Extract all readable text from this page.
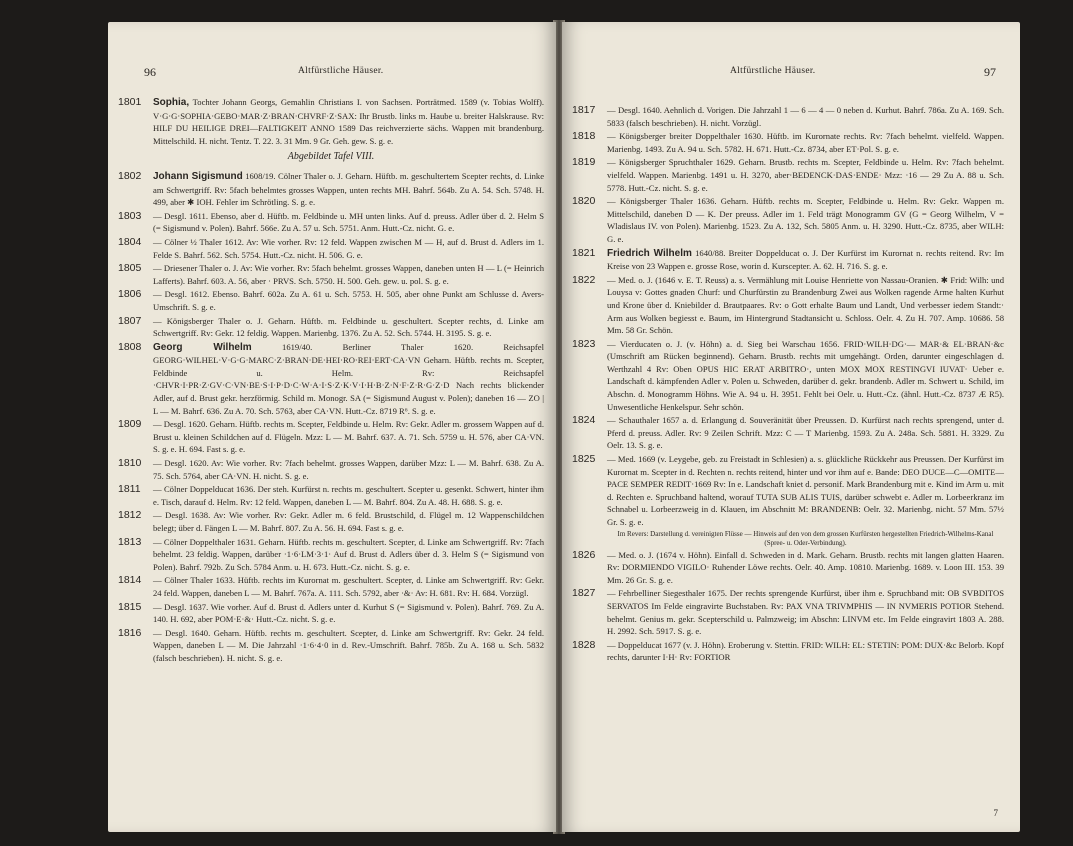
96	Altfürstliche Häuser.
1801 Sophia, Tochter Johann Georgs, Gemahlin Christians I. von Sachsen. Porträtmed. 1589 (v. Tobias Wolff). V·G·G·SOPHIA·GEBO·MAR·Z·BRAN·CHVRF·Z·SAX: Ihr Brustb. links m. Haube u. breiter Halskrause. Rv: HILF DU HEILIGE DREI—FALTIGKEIT ANNO 1589 Das reichverzierte sächs. Wappen mit brandenburg. Mittelschild. H. nicht. Tentz. T. 22. 3. 31 Mm. 9 Gr. Geh. gew. S. g. e.
Abgebildet Tafel VIII.
1802 Johann Sigismund 1608/19. Cölner Thaler o. J. Geharn. Hüftb. m. geschultertem Scepter rechts, d. Linke am Schwertgriff. Rv: 5fach behelmtes grosses Wappen, unten rechts MH. Bahrf. 564b. Zu A. 54. Sch. 5748. H. 499, aber ✱ IOH. Fehler im Schrötling. S. g. e.
1803 — Desgl. 1611. Ebenso, aber d. Hüftb. m. Feldbinde u. MH unten links. Auf d. preuss. Adler über d. 2. Helm S (= Sigismund v. Polen). Bahrf. 566e. Zu A. 57 u. Sch. 5751. Anm. Hutt.-Cz. nicht. G. e.
1804 — Cölner ½ Thaler 1612. Av: Wie vorher. Rv: 12 feld. Wappen zwischen M — H, auf d. Brust d. Adlers im 1. Felde S. Bahrf. 562. Sch. 5754. Hutt.-Cz. nicht. H. 506. G. e.
1805 — Driesener Thaler o. J. Av: Wie vorher. Rv: 5fach behelmt. grosses Wappen, daneben unten H — L (= Heinrich Lafferts). Bahrf. 603. A. 56, aber · PRVS. Sch. 5750. H. 500. Geh. gew. u. pol. S. g. e.
1806 — Desgl. 1612. Ebenso. Bahrf. 602a. Zu A. 61 u. Sch. 5753. H. 505, aber ohne Punkt am Schlusse d. Avers-Umschrift. S. g. e.
1807 — Königsberger Thaler o. J. Geharn. Hüftb. m. Feldbinde u. geschultert. Scepter rechts, d. Linke am Schwertgriff. Rv: Gekr. 12 feldig. Wappen. Marienbg. 1376. Zu A. 52. Sch. 5744. H. 3195. S. g. e.
1808 Georg Wilhelm	1619/40. Berliner Thaler 1620. Reichsapfel GEORG·WILHEL·V·G·G·MARC·Z·BRAN·DE·HEI·RO·REI·ERT·CA·VN Geharn. Hüftb. rechts m. Scepter, Feldbinde u. Helm. Rv: Reichsapfel ·CHVR·I·PR·Z·GV·C·VN·BE·S·I·P·D·C·W·A·I·S·Z·K·V·I·H·B·Z·N·F·Z·R·G·Z·D Nach rechts blickender Adler, auf d. Brust gekr. herzförmig. Schild m. Monogr. SA (= Sigismund August v. Polen); daneben 16 — ZO | L — M. Bahrf. 636. Zu A. 70. Sch. 5763, aber CA·VN. Hutt.-Cz. 8719 R⁶. S. g. e.
1809 — Desgl. 1620. Geharn. Hüftb. rechts m. Scepter, Feldbinde u. Helm. Rv: Gekr. Adler m. grossem Wappen auf d. Brust u. kleinen Schildchen auf d. Flügeln. Mzz: L — M. Bahrf. 637. A. 71. Sch. 5759 u. H. 576, aber CA·VN. S. g. e. H. 694. Fast s. g. e.
1810 — Desgl. 1620. Av: Wie vorher. Rv: 7fach behelmt. grosses Wappen, darüber Mzz: L — M. Bahrf. 638. Zu A. 75. Sch. 5764, aber CA·VN. H. nicht. S. g. e.
1811 — Cölner Doppelducat 1636. Der steh. Kurfürst n. rechts m. geschultert. Scepter u. gesenkt. Schwert, hinter ihm e. Tisch, darauf d. Helm. Rv: 12 feld. Wappen, daneben L — M. Bahrf. 804. Zu A. 48. H. 688. S. g. e.
1812 — Desgl. 1638. Av: Wie vorher. Rv: Gekr. Adler m. 6 feld. Brustschild, d. Flügel m. 12 Wappenschildchen belegt; über d. Fängen L — M. Bahrf. 807. Zu A. 56. H. 694. Fast s. g. e.
1813 — Cölner Doppelthaler 1631. Geharn. Hüftb. rechts m. geschultert. Scepter, d. Linke am Schwertgriff. Rv: 7fach behelmt. 23 feldig. Wappen, darüber ·1·6·LM·3·1· Auf d. Brust d. Adlers über d. 3. Helm S (= Sigismund von Polen). Bahrf. 792b. Zu Sch. 5784 Anm. u. H. 673. Hutt.-Cz. nicht. S. g. e.
1814 — Cölner Thaler 1633. Hüftb. rechts im Kurornat m. geschultert. Scepter, d. Linke am Schwertgriff. Rv: Gekr. 24 feld. Wappen, daneben L — M. Bahrf. 767a. A. 111. Sch. 5792, aber ·&· Av: H. 681. Rv: H. 684. Vorzügl.
1815 — Desgl. 1637. Wie vorher. Auf d. Brust d. Adlers unter d. Kurhut S (= Sigismund v. Polen). Bahrf. 769. Zu A. 140. H. 692, aber POM·E·&· Hutt.-Cz. nicht. S. g. e.
1816 — Desgl. 1640. Geharn. Hüftb. rechts m. geschultert. Scepter, d. Linke am Schwertgriff. Rv: Gekr. 24 feld. Wappen, daneben L — M. Die Jahrzahl ·1·6·4·0 in d. Rev.-Umschrift. Bahrf. 785b. Zu A. 168 u. Sch. 5832 (falsch beschrieben). H. nicht. S. g. e.
Altfürstliche Häuser.	97
1817 — Desgl. 1640. Aehnlich d. Vorigen. Die Jahrzahl 1 — 6 — 4 — 0 neben d. Kurhut. Bahrf. 786a. Zu A. 169. Sch. 5833 (falsch beschrieben). H. nicht. Vorzügl.
1818 — Königsberger breiter Doppelthaler 1630. Hüftb. im Kurornate rechts. Rv: 7fach behelmt. vielfeld. Wappen. Marienbg. 1493. Zu A. 94 u. Sch. 5782. H. 671. Hutt.-Cz. 8734, aber ET·Pol. S. g. e.
1819 — Königsberger Spruchthaler 1629. Geharn. Brustb. rechts m. Scepter, Feldbinde u. Helm. Rv: 7fach behelmt. vielfeld. Wappen. Marienbg. 1491 u. H. 3270, aber·BEDENCK·DAS·ENDE· Mzz: ·16 — 29 Zu A. 88 u. Sch. 5778. Hutt.-Cz. nicht. S. g. e.
1820 — Königsberger Thaler 1636. Geharn. Hüftb. rechts m. Scepter, Feldbinde u. Helm. Rv: Gekr. Wappen m. Mittelschild, daneben D — K. Der preuss. Adler im 1. Feld trägt Monogramm GV (G = Georg Wilhelm, V = Wladislaus IV. von Polen). Marienbg. 1523. Zu A. 132, Sch. 5805 Anm. u. H. 3290. Hutt.-Cz. 8735, aber WILH: G. e.
1821 Friedrich Wilhelm 1640/88. Breiter Doppelducat o. J. Der Kurfürst im Kurornat n. rechts reitend. Rv: Im Kreise von 23 Wappen e. grosse Rose, worin d. Kurscepter. A. 62. H. 716. S. g. e.
1822 — Med. o. J. (1646 v. E. T. Reuss) a. s. Vermählung mit Louise Henriette von Nassau-Oranien. ✱ Frid: Wilh: und Louysa v: Gottes gnaden Churf: und Churfürstin zu Brandenburg Zwei aus Wolken ragende Arme halten Kurhut und Krone über d. Kniebilder d. Brautpaares. Rv: o Gott erhalte Baum und Landt, Und verbesser iedem Standt:· Arm aus Wolken begiesst e. Baum, im Hintergrund Stadtansicht u. Schloss. Oelr. 4. Zu H. 707. Amp. 10686. 58 Mm. 58 Gr. Schön.
1823 — Vierducaten o. J. (v. Höhn) a. d. Sieg bei Warschau 1656. FRID·WILH·DG·— MAR·& EL·BRAN·&c (Umschrift am Rücken beginnend). Geharn. Brustb. rechts mit umgehängt. Orden, darunter eingeschlagen d. Werthzahl 4 Rv: Oben OPUS HIC ERAT ARBITRO·, unten MOX MOX RESTINGVI IUVAT· Ueber e. Landschaft d. kämpfenden Adler v. Polen u. Schweden, darüber d. gekr. brandenb. Adler m. Schwert u. Schild, im Abschn. d. Monogramm Höhns. Wie A. 94 u. H. 3951. Fehlt bei Oelr. u. Hutt.-Cz. (ähnl. Hutt.-Cz. 8737 Æ R5). Unwesentliche Henkelspur. Sehr schön.
1824 — Schauthaler 1657 a. d. Erlangung d. Souveränität über Preussen. D. Kurfürst nach rechts sprengend, unter d. Pferd d. preuss. Adler. Rv: 9 Zeilen Schrift. Mzz: C — T Marienbg. 1593. Zu A. 248a. Sch. 5881. H. 3329. Zu Oelr. 13. S. g. e.
1825 — Med. 1669 (v. Leygebe, geb. zu Freistadt in Schlesien) a. s. glückliche Rückkehr aus Preussen. Der Kurfürst im Kurornat m. Scepter in d. Rechten n. rechts reitend, hinter und vor ihm auf e. Bande: DEO DUCE—C—OMITE—PACE SEMPER REDIT·1669 Rv: In e. Landschaft kniet d. personif. Mark Brandenburg mit e. Kind im Arm u. mit d. Rechten e. Spruchband haltend, worauf TUTA SUB ALIS TUIS, darüber schwebt e. Adler m. Lorbeerkranz im Schnabel u. Lorbeerzweig in d. Klauen, im Abschnitt M: BRANDENB: Oelr. 32. Marienbg. nicht. 57 Mm. 57½ Gr. S. g. e.
Im Revers: Darstellung d. vereinigten Flüsse — Hinweis auf den von dem grossen Kurfürsten hergestellten Friedrich-Wilhelms-Kanal (Spree- u. Oder-Verbindung).
1826 — Med. o. J. (1674 v. Höhn). Einfall d. Schweden in d. Mark. Geharn. Brustb. rechts mit langen glatten Haaren. Rv: DORMIENDO VIGILO· Ruhender Löwe rechts. Oelr. 40. Amp. 10810. Marienbg. 1689. v. Loon III. 153. 39 Mm. 26 Gr. S. g. e.
1827 — Fehrbelliner Siegesthaler 1675. Der rechts sprengende Kurfürst, über ihm e. Spruchband mit: OB SVBDITOS SERVATOS Im Felde eingravirte Buchstaben. Rv: PAX VNA TRIVMPHIS — IN NVMERIS POTIOR Stehend. behelmt. Genius m. gekr. Scepterschild u. Palmzweig; im Abschn: LINVM etc. Im Felde eingravirt 1803 A. 288. H. 2992. Sch. 5917. S. g. e.
1828 — Doppelducat 1677 (v. J. Höhn). Eroberung v. Stettin. FRID: WILH: EL: STETIN: POM: DUX·&c Belorb. Kopf rechts, darunter I·H· Rv: FORTIOR
7
